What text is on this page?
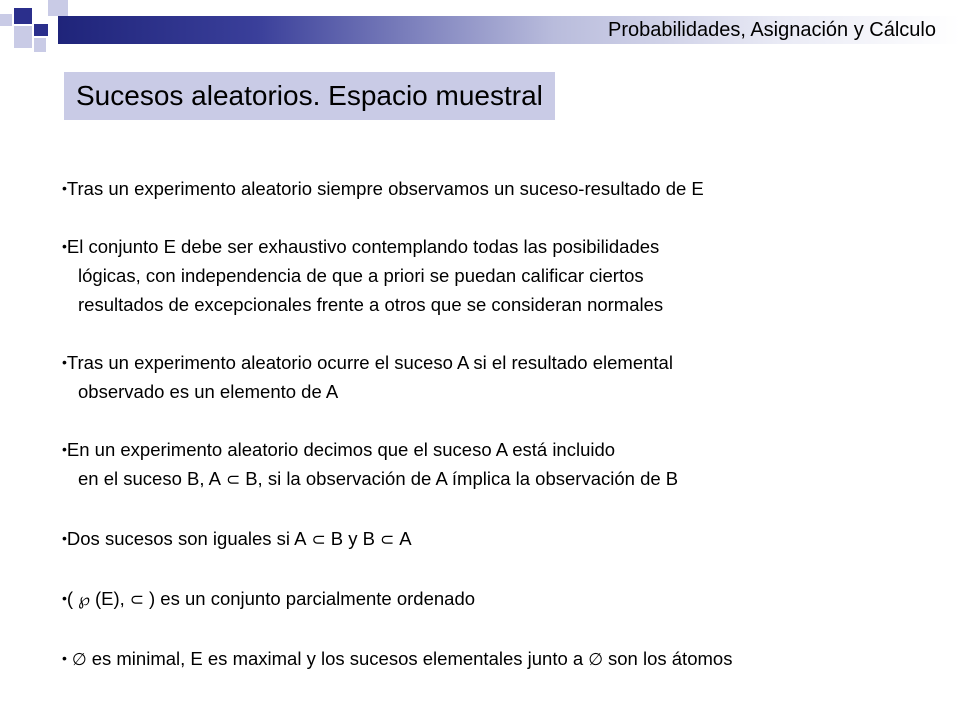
Probabilidades, Asignación y Cálculo
Sucesos aleatorios. Espacio muestral
•Tras un experimento aleatorio siempre observamos un suceso-resultado de E
•El conjunto E debe ser exhaustivo contemplando todas las posibilidades
lógicas, con independencia de que a priori se puedan calificar ciertos
resultados de excepcionales frente a otros que se consideran normales
•Tras un experimento aleatorio ocurre el suceso A si el resultado elemental
observado es un elemento de A
•En un experimento aleatorio decimos que el suceso A está incluido
en el suceso B, A ⊂ B, si la observación de A ímplica la observación de B
•Dos sucesos son iguales si A ⊂ B y B ⊂ A
•( ℘ (E), ⊂ ) es un conjunto parcialmente ordenado
• ∅ es minimal, E es maximal y los sucesos elementales junto a ∅ son los átomos
